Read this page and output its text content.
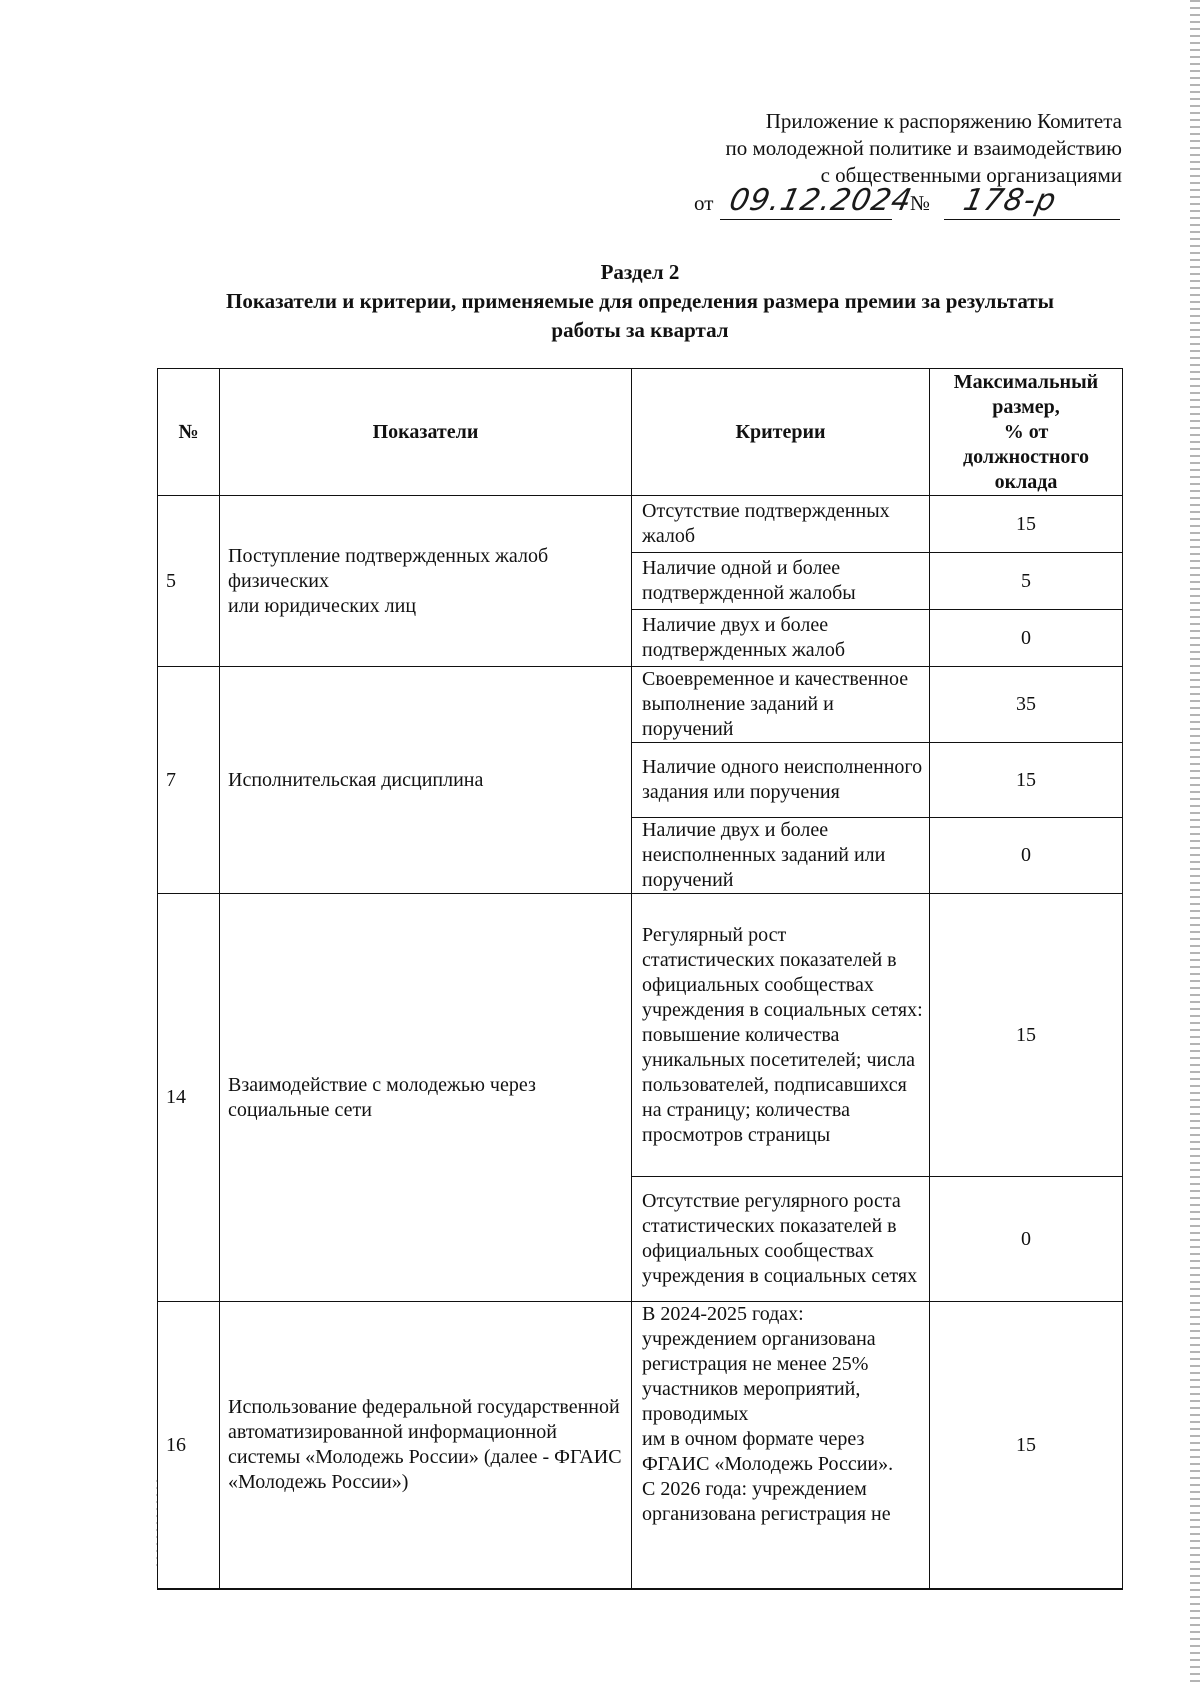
Приложение к распоряжению Комитета
по молодежной политике и взаимодействию
с общественными организациями
от 09.12.2024
№ 178-р
Раздел 2
Показатели и критерии, применяемые для определения размера премии за результаты
работы за квартал
№	Показатели	Критерии	Максимальный
размер,
% от
должностного
оклада

5	Поступление подтвержденных жалоб
физических
или юридических лиц	Отсутствие подтвержденных жалоб	15
		Наличие одной и более подтвержденной жалобы	5
		Наличие двух и более подтвержденных жалоб	0
7	Исполнительская дисциплина	Своевременное и качественное выполнение заданий и поручений	35
		Наличие одного неисполненного задания или поручения	15
		Наличие двух и более неисполненных заданий или поручений	0
14	Взаимодействие с молодежью через социальные сети	Регулярный рост статистических показателей в официальных сообществах учреждения в социальных сетях: повышение количества уникальных посетителей; числа пользователей, подписавшихся на страницу; количества просмотров страницы	15
		Отсутствие регулярного роста статистических показателей в официальных сообществах учреждения в социальных сетях	0
16	Использование федеральной государственной автоматизированной информационной системы «Молодежь России» (далее - ФГАИС «Молодежь России»)	В 2024-2025 годах: учреждением организована регистрация не менее 25% участников мероприятий, проводимых
им в очном формате через ФГАИС «Молодежь России».
С 2026 года: учреждением организована регистрация не	15
